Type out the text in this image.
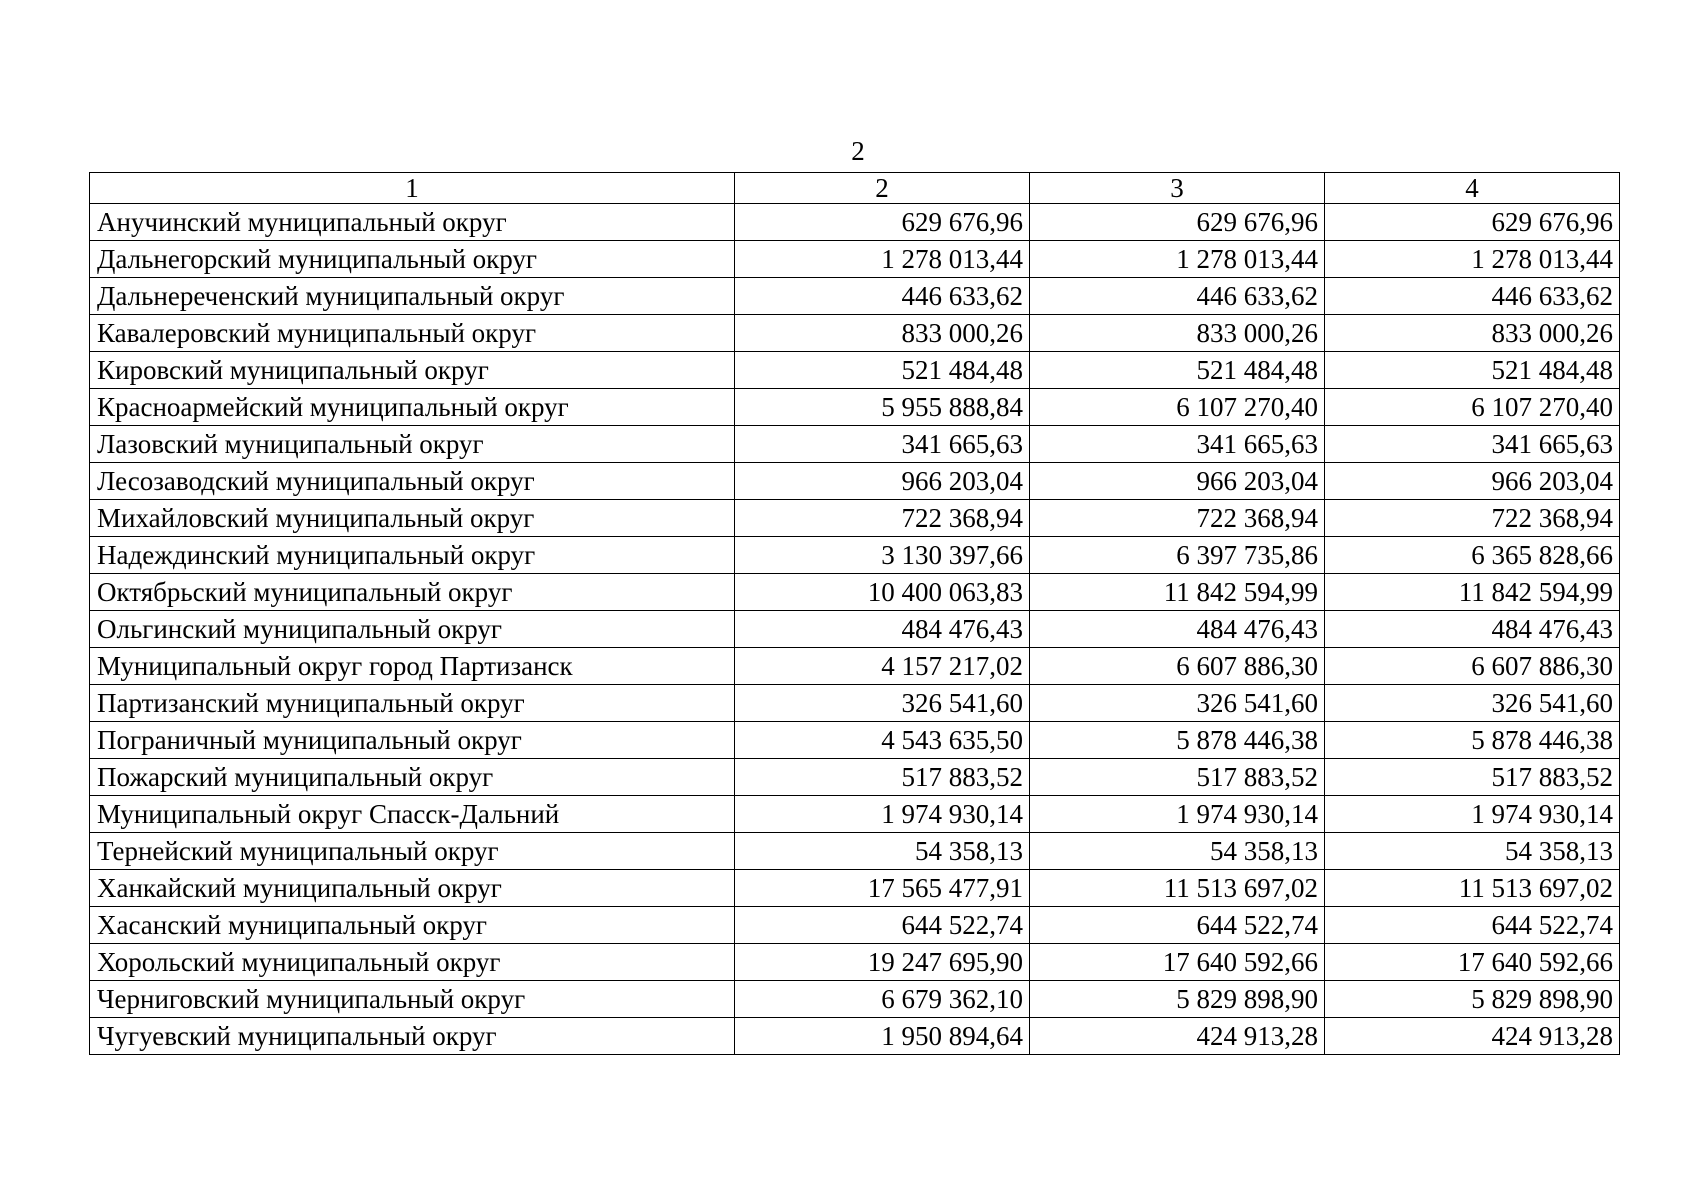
2
1	2	3	4
Анучинский муниципальный округ	629 676,96	629 676,96	629 676,96
Дальнегорский муниципальный округ	1 278 013,44	1 278 013,44	1 278 013,44
Дальнереченский муниципальный округ	446 633,62	446 633,62	446 633,62
Кавалеровский муниципальный округ	833 000,26	833 000,26	833 000,26
Кировский муниципальный округ	521 484,48	521 484,48	521 484,48
Красноармейский муниципальный округ	5 955 888,84	6 107 270,40	6 107 270,40
Лазовский муниципальный округ	341 665,63	341 665,63	341 665,63
Лесозаводский муниципальный округ	966 203,04	966 203,04	966 203,04
Михайловский муниципальный округ	722 368,94	722 368,94	722 368,94
Надеждинский муниципальный округ	3 130 397,66	6 397 735,86	6 365 828,66
Октябрьский муниципальный округ	10 400 063,83	11 842 594,99	11 842 594,99
Ольгинский муниципальный округ	484 476,43	484 476,43	484 476,43
Муниципальный округ город Партизанск	4 157 217,02	6 607 886,30	6 607 886,30
Партизанский муниципальный округ	326 541,60	326 541,60	326 541,60
Пограничный муниципальный округ	4 543 635,50	5 878 446,38	5 878 446,38
Пожарский муниципальный округ	517 883,52	517 883,52	517 883,52
Муниципальный округ Спасск-Дальний	1 974 930,14	1 974 930,14	1 974 930,14
Тернейский муниципальный округ	54 358,13	54 358,13	54 358,13
Ханкайский муниципальный округ	17 565 477,91	11 513 697,02	11 513 697,02
Хасанский муниципальный округ	644 522,74	644 522,74	644 522,74
Хорольский муниципальный округ	19 247 695,90	17 640 592,66	17 640 592,66
Черниговский муниципальный округ	6 679 362,10	5 829 898,90	5 829 898,90
Чугуевский муниципальный округ	1 950 894,64	424 913,28	424 913,28
